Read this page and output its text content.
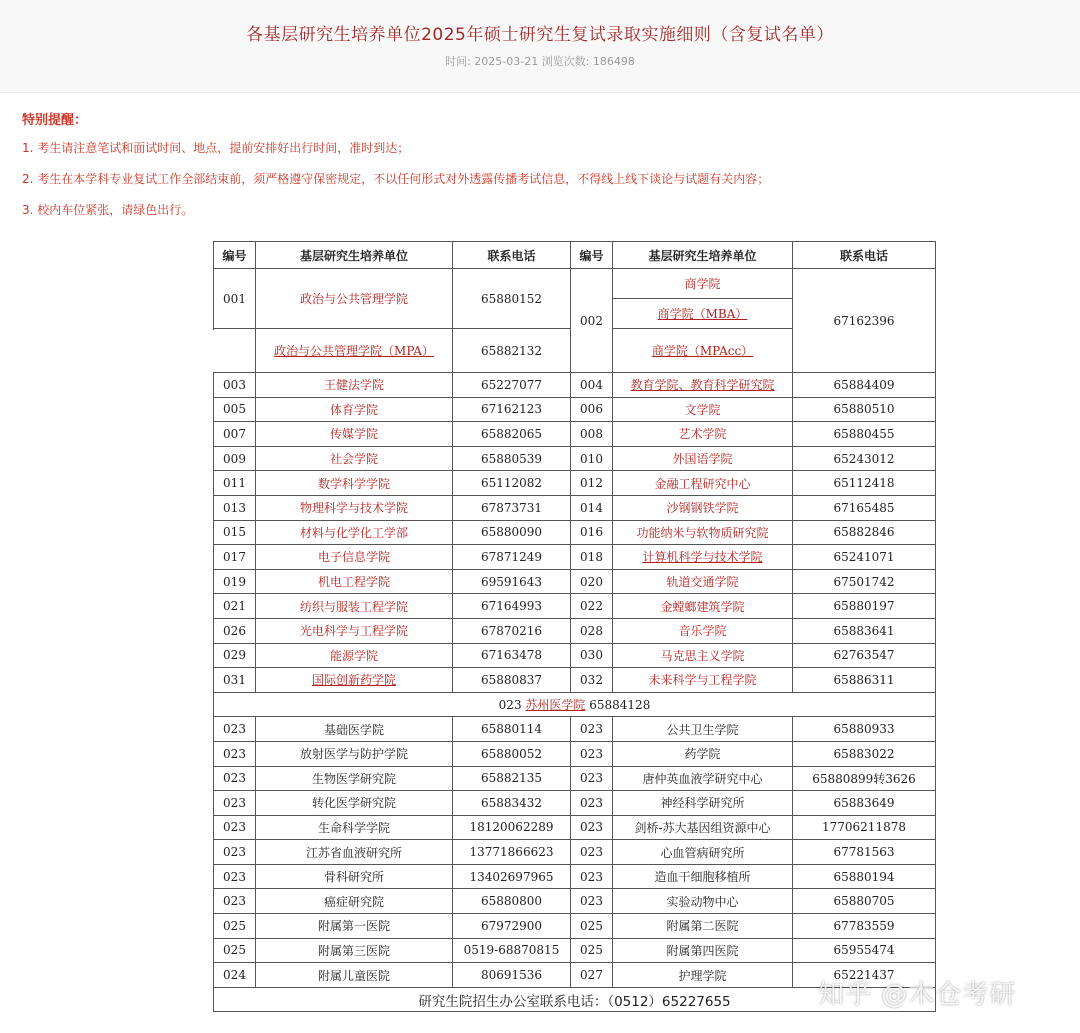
各基层研究生培养单位2025年硕士研究生复试录取实施细则（含复试名单）
时间: 2025-03-21 浏览次数: 186498
特别提醒：

1. 考生请注意笔试和面试时间、地点，提前安排好出行时间，准时到达；

2. 考生在本学科专业复试工作全部结束前，须严格遵守保密规定，不以任何形式对外透露传播考试信息，不得线上线下谈论与试题有关内容；

3. 校内车位紧张，请绿色出行。

编号	基层研究生培养单位	联系电话	编号	基层研究生培养单位	联系电话
001	政治与公共管理学院	65880152	002	商学院	67162396
				商学院（MBA）	
	政治与公共管理学院（MPA）	65882132			
				商学院（MPAcc）	
003	王健法学院	65227077	004	教育学院、教育科学研究院	65884409
005	体育学院	67162123	006	文学院	65880510
007	传媒学院	65882065	008	艺术学院	65880455
009	社会学院	65880539	010	外国语学院	65243012
011	数学科学学院	65112082	012	金融工程研究中心	65112418
013	物理科学与技术学院	67873731	014	沙钢钢铁学院	67165485
015	材料与化学化工学部	65880090	016	功能纳米与软物质研究院	65882846
017	电子信息学院	67871249	018	计算机科学与技术学院	65241071
019	机电工程学院	69591643	020	轨道交通学院	67501742
021	纺织与服装工程学院	67164993	022	金螳螂建筑学院	65880197
026	光电科学与工程学院	67870216	028	音乐学院	65883641
029	能源学院	67163478	030	马克思主义学院	62763547
031	国际创新药学院	65880837	032	未来科学与工程学院	65886311
023 苏州医学院 65884128					
023	基础医学院	65880114	023	公共卫生学院	65880933
023	放射医学与防护学院	65880052	023	药学院	65883022
023	生物医学研究院	65882135	023	唐仲英血液学研究中心	65880899转3626
023	转化医学研究院	65883432	023	神经科学研究所	65883649
023	生命科学学院	18120062289	023	剑桥-苏大基因组资源中心	17706211878
023	江苏省血液研究所	13771866623	023	心血管病研究所	67781563
023	骨科研究所	13402697965	023	造血干细胞移植所	65880194
023	癌症研究院	65880800	023	实验动物中心	65880705
025	附属第一医院	67972900	025	附属第二医院	67783559
025	附属第三医院	0519-68870815	025	附属第四医院	65955474
024	附属儿童医院	80691536	027	护理学院	65221437
研究生院招生办公室联系电话：（0512）65227655						知乎 @木仓考研
